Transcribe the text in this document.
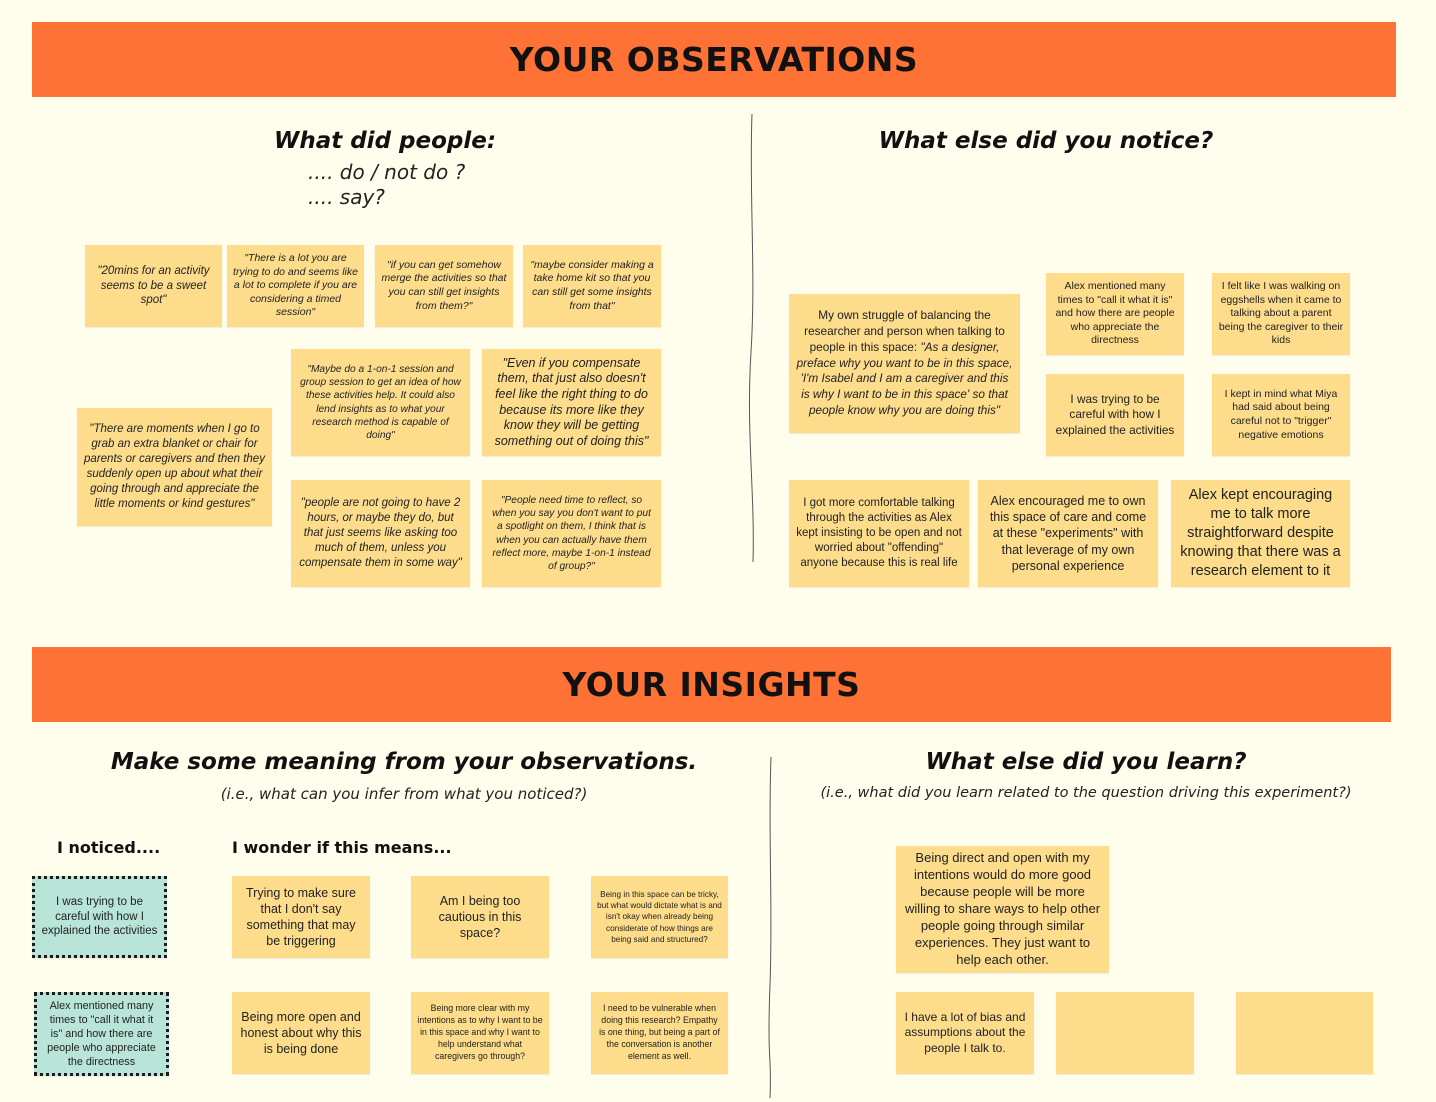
YOUR OBSERVATIONS
YOUR INSIGHTS
What did people:
.... do / not do ?
.... say?
What else did you notice?
"20mins for an activity seems to be a sweet spot"
"There is a lot you are trying to do and seems like a lot to complete if you are considering a timed session"
"if you can get somehow merge the activities so that you can still get insights from them?"
"maybe consider making a take home kit so that you can still get some insights from that"
"Maybe do a 1-on-1 session and group session to get an idea of how these activities help. It could also lend insights as to what your research method is capable of doing"
"Even if you compensate them, that just also doesn't feel like the right thing to do because its more like they know they will be getting something out of doing this"
"There are moments when I go to grab an extra blanket or chair for parents or caregivers and then they suddenly open up about what their going through and appreciate the little moments or kind gestures"	"people are not going to have 2 hours, or maybe they do, but that just seems like asking too much of them, unless you compensate them in some way"
"People need time to reflect, so when you say you don't want to put a spotlight on them, I think that is when you can actually have them reflect more, maybe 1-on-1 instead of group?"
My own struggle of balancing the researcher and person when talking to people in this space: "As a designer, preface why you want to be in this space, 'I'm Isabel and I am a caregiver and this is why I want to be in this space' so that people know why you are doing this"
Alex mentioned many times to "call it what it is" and how there are people who appreciate the directness
I felt like I was walking on eggshells when it came to talking about a parent being the caregiver to their kids
I was trying to be careful with how I explained the activities
I kept in mind what Miya had said about being careful not to "trigger" negative emotions
I got more comfortable talking through the activities as Alex kept insisting to be open and not worried about "offending" anyone because this is real life
Alex encouraged me to own this space of care and come at these "experiments" with that leverage of my own personal experience
Alex kept encouraging me to talk more straightforward despite knowing that there was a research element to it
Make some meaning from your observations.
(i.e., what can you infer from what you noticed?)
What else did you learn?
(i.e., what did you learn related to the question driving this experiment?)
I noticed....	I wonder if this means...
I was trying to be careful with how I explained the activities
Alex mentioned many times to "call it what it is" and how there are people who appreciate the directness
Trying to make sure that I don't say something that may be triggering
Am I being too cautious in this space?
Being in this space can be tricky, but what would dictate what is and isn't okay when already being considerate of how things are being said and structured?
Being more open and honest about why this is being done
Being more clear with my intentions as to why I want to be in this space and why I want to help understand what caregivers go through?
I need to be vulnerable when doing this research? Empathy is one thing, but being a part of the conversation is another element as well.
Being direct and open with my intentions would do more good because people will be more willing to share ways to help other people going through similar experiences. They just want to help each other.
I have a lot of bias and assumptions about the people I talk to.
